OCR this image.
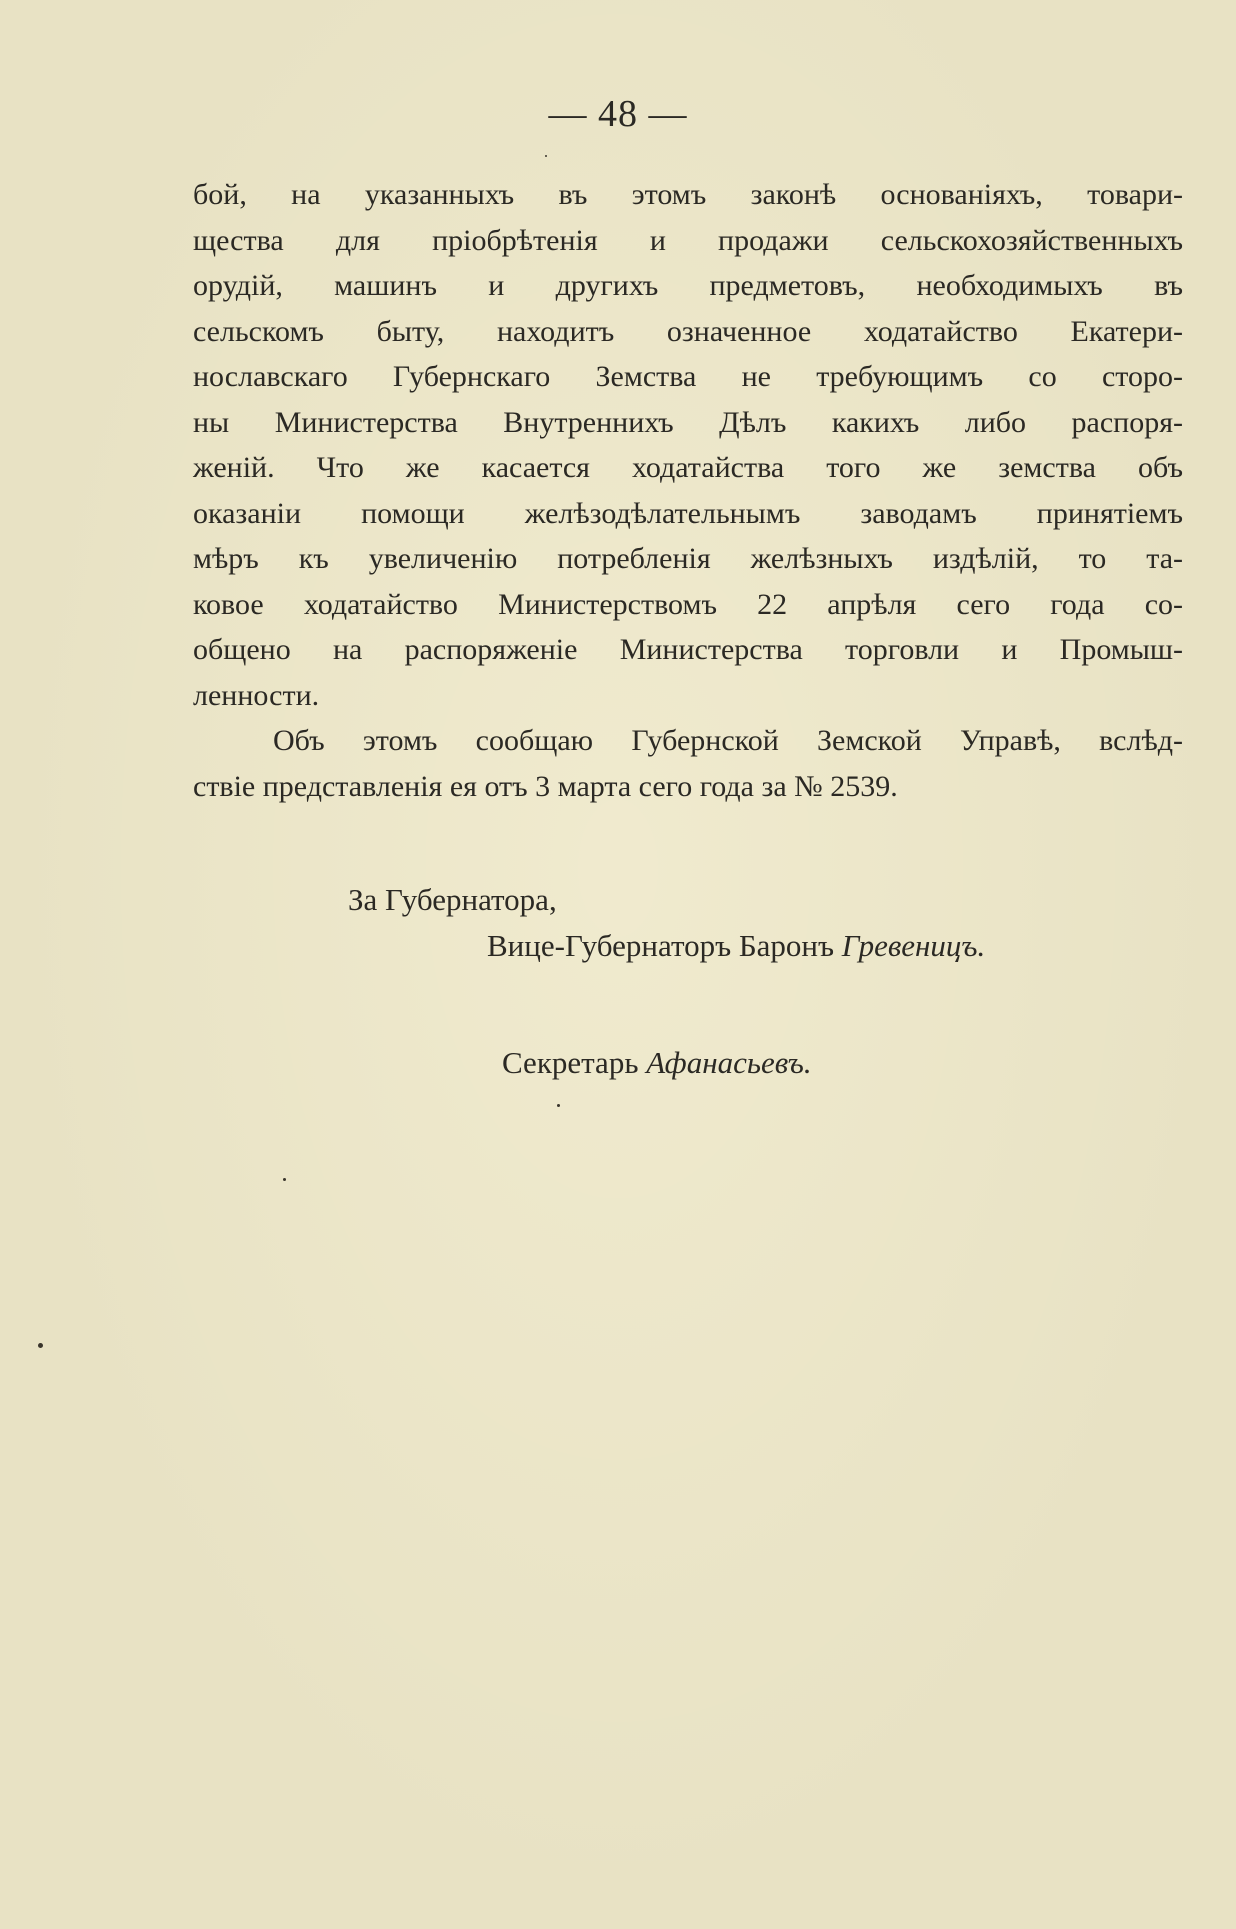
— 48 —
бой, на указанныхъ въ этомъ законѣ основаніяхъ, товари-
щества для пріобрѣтенія и продажи сельскохозяйственныхъ
орудій, машинъ и другихъ предметовъ, необходимыхъ въ
сельскомъ быту, находитъ означенное ходатайство Екатери-
нославскаго Губернскаго Земства не требующимъ со сторо-
ны Министерства Внутреннихъ Дѣлъ какихъ либо распоря-
женій. Что же касается ходатайства того же земства объ
оказаніи помощи желѣзодѣлательнымъ заводамъ принятіемъ
мѣръ къ увеличенію потребленія желѣзныхъ издѣлій, то та-
ковое ходатайство Министерствомъ 22 апрѣля сего года со-
общено на распоряженіе Министерства торговли и Промыш-
ленности.
Объ этомъ сообщаю Губернской Земской Управѣ, вслѣд-
ствіе представленія ея отъ 3 марта сего года за № 2539.
За Губернатора,
Вице-Губернаторъ Баронъ Гревеницъ.
Секретарь Афанасьевъ.
